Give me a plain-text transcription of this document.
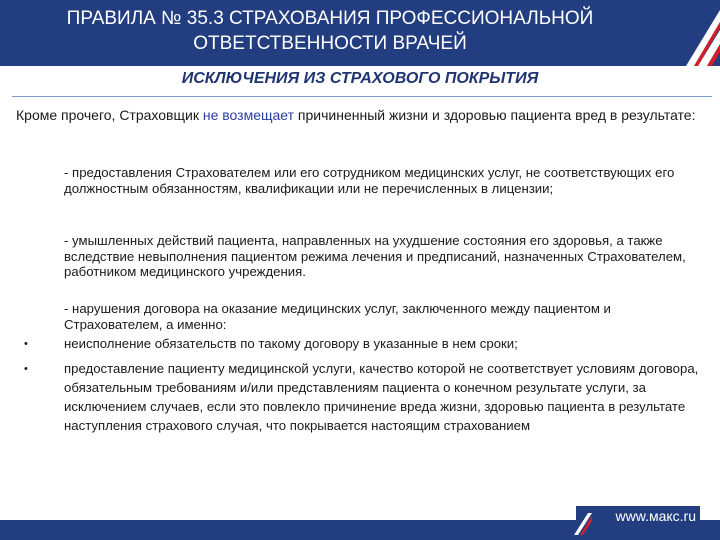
ПРАВИЛА № 35.3 СТРАХОВАНИЯ ПРОФЕССИОНАЛЬНОЙ
ОТВЕТСТВЕННОСТИ ВРАЧЕЙ
ИСКЛЮЧЕНИЯ ИЗ СТРАХОВОГО ПОКРЫТИЯ
Кроме прочего, Страховщик не возмещает причиненный жизни и здоровью пациента вред в результате:
- предоставления Страхователем или его сотрудником медицинских услуг, не соответствующих его должностным обязанностям, квалификации или не перечисленных в лицензии;
- умышленных действий пациента, направленных на ухудшение состояния его здоровья, а также вследствие невыполнения пациентом режима лечения и предписаний, назначенных Страхователем, работником медицинского учреждения.
- нарушения договора на оказание медицинских услуг, заключенного между пациентом и Страхователем, а именно:
•	неисполнение обязательств по такому договору в указанные в нем сроки;
•	предоставление пациенту медицинской услуги, качество которой не соответствует условиям договора, обязательным требованиям и/или представлениям пациента о конечном результате услуги, за исключением случаев, если это повлекло причинение вреда жизни, здоровью пациента в результате наступления страхового случая, что покрывается настоящим страхованием
www.макс.ru
